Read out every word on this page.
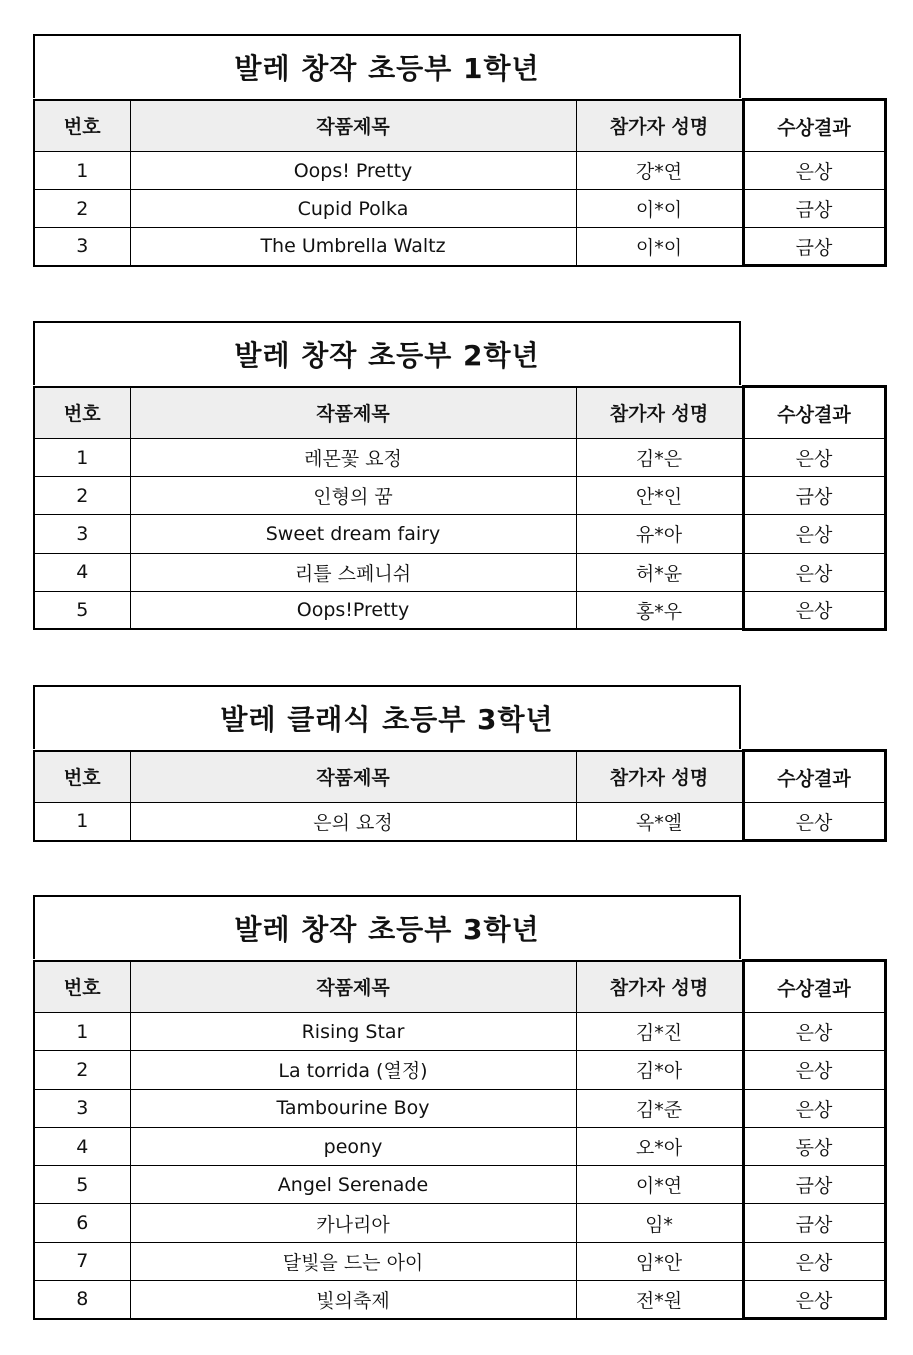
발레 창작 초등부 1학년
번호	작품제목	참가자 성명	수상결과
1	Oops! Pretty	강*연	은상
2	Cupid Polka	이*이	금상
3	The Umbrella Waltz	이*이	금상
발레 창작 초등부 2학년
번호	작품제목	참가자 성명	수상결과
1	레몬꽃 요정	김*은	은상
2	인형의 꿈	안*인	금상
3	Sweet dream fairy	유*아	은상
4	리틀 스페니쉬	허*윤	은상
5	Oops!Pretty	홍*우	은상
발레 클래식 초등부 3학년
번호	작품제목	참가자 성명	수상결과
1	은의 요정	옥*엘	은상
발레 창작 초등부 3학년
번호	작품제목	참가자 성명	수상결과
1	Rising Star	김*진	은상
2	La torrida (열정)	김*아	은상
3	Tambourine Boy	김*준	은상
4	peony	오*아	동상
5	Angel Serenade	이*연	금상
6	카나리아	임*	금상
7	달빛을 드는 아이	임*안	은상
8	빛의축제	전*원	은상
